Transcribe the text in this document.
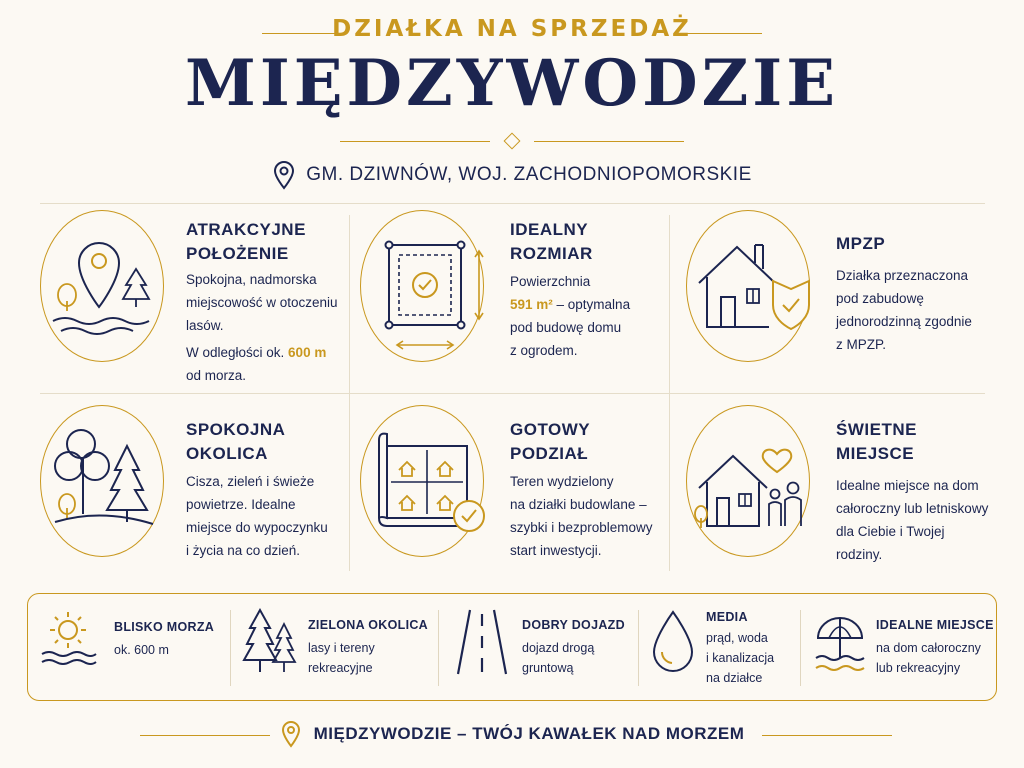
DZIAŁKA NA SPRZEDAŻ
MIĘDZYWODZIE
GM. DZIWNÓW, WOJ. ZACHODNIOPOMORSKIE
ATRAKCYJNE
POŁOŻENIE
Spokojna, nadmorska
miejscowość w otoczeniu
lasów.
W odległości ok. 600 m
od morza.
IDEALNY
ROZMIAR
Powierzchnia
591 m² – optymalna
pod budowę domu
z ogrodem.
MPZP
Działka przeznaczona
pod zabudowę
jednorodzinną zgodnie
z MPZP.
SPOKOJNA
OKOLICA
Cisza, zieleń i świeże
powietrze. Idealne
miejsce do wypoczynku
i życia na co dzień.
GOTOWY
PODZIAŁ
Teren wydzielony
na działki budowlane –
szybki i bezproblemowy
start inwestycji.
ŚWIETNE
MIEJSCE
Idealne miejsce na dom
całoroczny lub letniskowy
dla Ciebie i Twojej
rodziny.
BLISKO MORZA
ok. 600 m
ZIELONA OKOLICA
lasy i tereny
rekreacyjne
DOBRY DOJAZD
dojazd drogą
gruntową
MEDIA
prąd, woda
i kanalizacja
na działce
IDEALNE MIEJSCE
na dom całoroczny
lub rekreacyjny
MIĘDZYWODZIE – TWÓJ KAWAŁEK NAD MORZEM
